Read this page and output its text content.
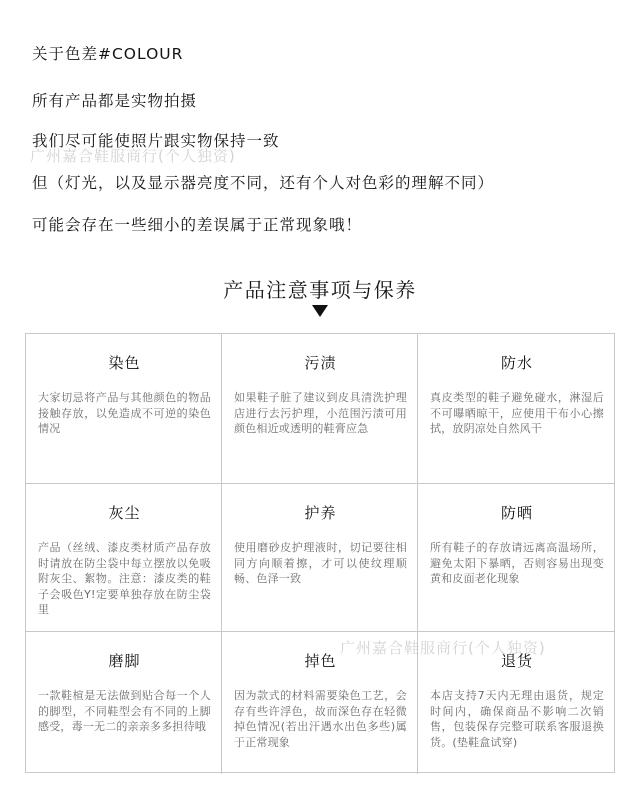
关于色差#COLOUR
所有产品都是实物拍摄
我们尽可能使照片跟实物保持一致
但（灯光，以及显示器亮度不同，还有个人对色彩的理解不同）
可能会存在一些细小的差误属于正常现象哦！
广州嘉合鞋服商行(个人独资)
产品注意事项与保养
染色
大家切忌将产品与其他颜色的物品接触存放，以免造成不可逆的染色情况
污渍
如果鞋子脏了建议到皮具清洗护理店进行去污护理，小范围污渍可用颜色相近或透明的鞋膏应急
防水
真皮类型的鞋子避免碰水，淋湿后不可曝晒晾干，应使用干布小心擦拭，放阴凉处自然风干
灰尘
产品（丝绒、漆皮类材质产品存放时请放在防尘袋中每立摆放以免吸附灰尘、絮物。注意：漆皮类的鞋子会吸色Y!定要单独存放在防尘袋里
护养
使用磨砂皮护理液时，切记要往相同方向顺着擦，才可以使纹理顺畅、色泽一致
防晒
所有鞋子的存放请远离高温场所，避免太阳下暴晒，否则容易出现变黄和皮面老化现象
磨脚
一款鞋楦是无法做到贴合每一个人的脚型，不同鞋型会有不同的上脚感受，毒一无二的亲亲多多担待哦
掉色
因为款式的材料需要染色工艺，会存有些许浮色，故而深色存在轻微掉色情况(若出汗遇水出色多些)属于正常现象
退货
本店支持7天内无理由退货，规定时间内，确保商品不影响二次销售，包装保存完整可联系客服退换货。(垫鞋盒试穿)
广州嘉合鞋服商行(个人独资)
